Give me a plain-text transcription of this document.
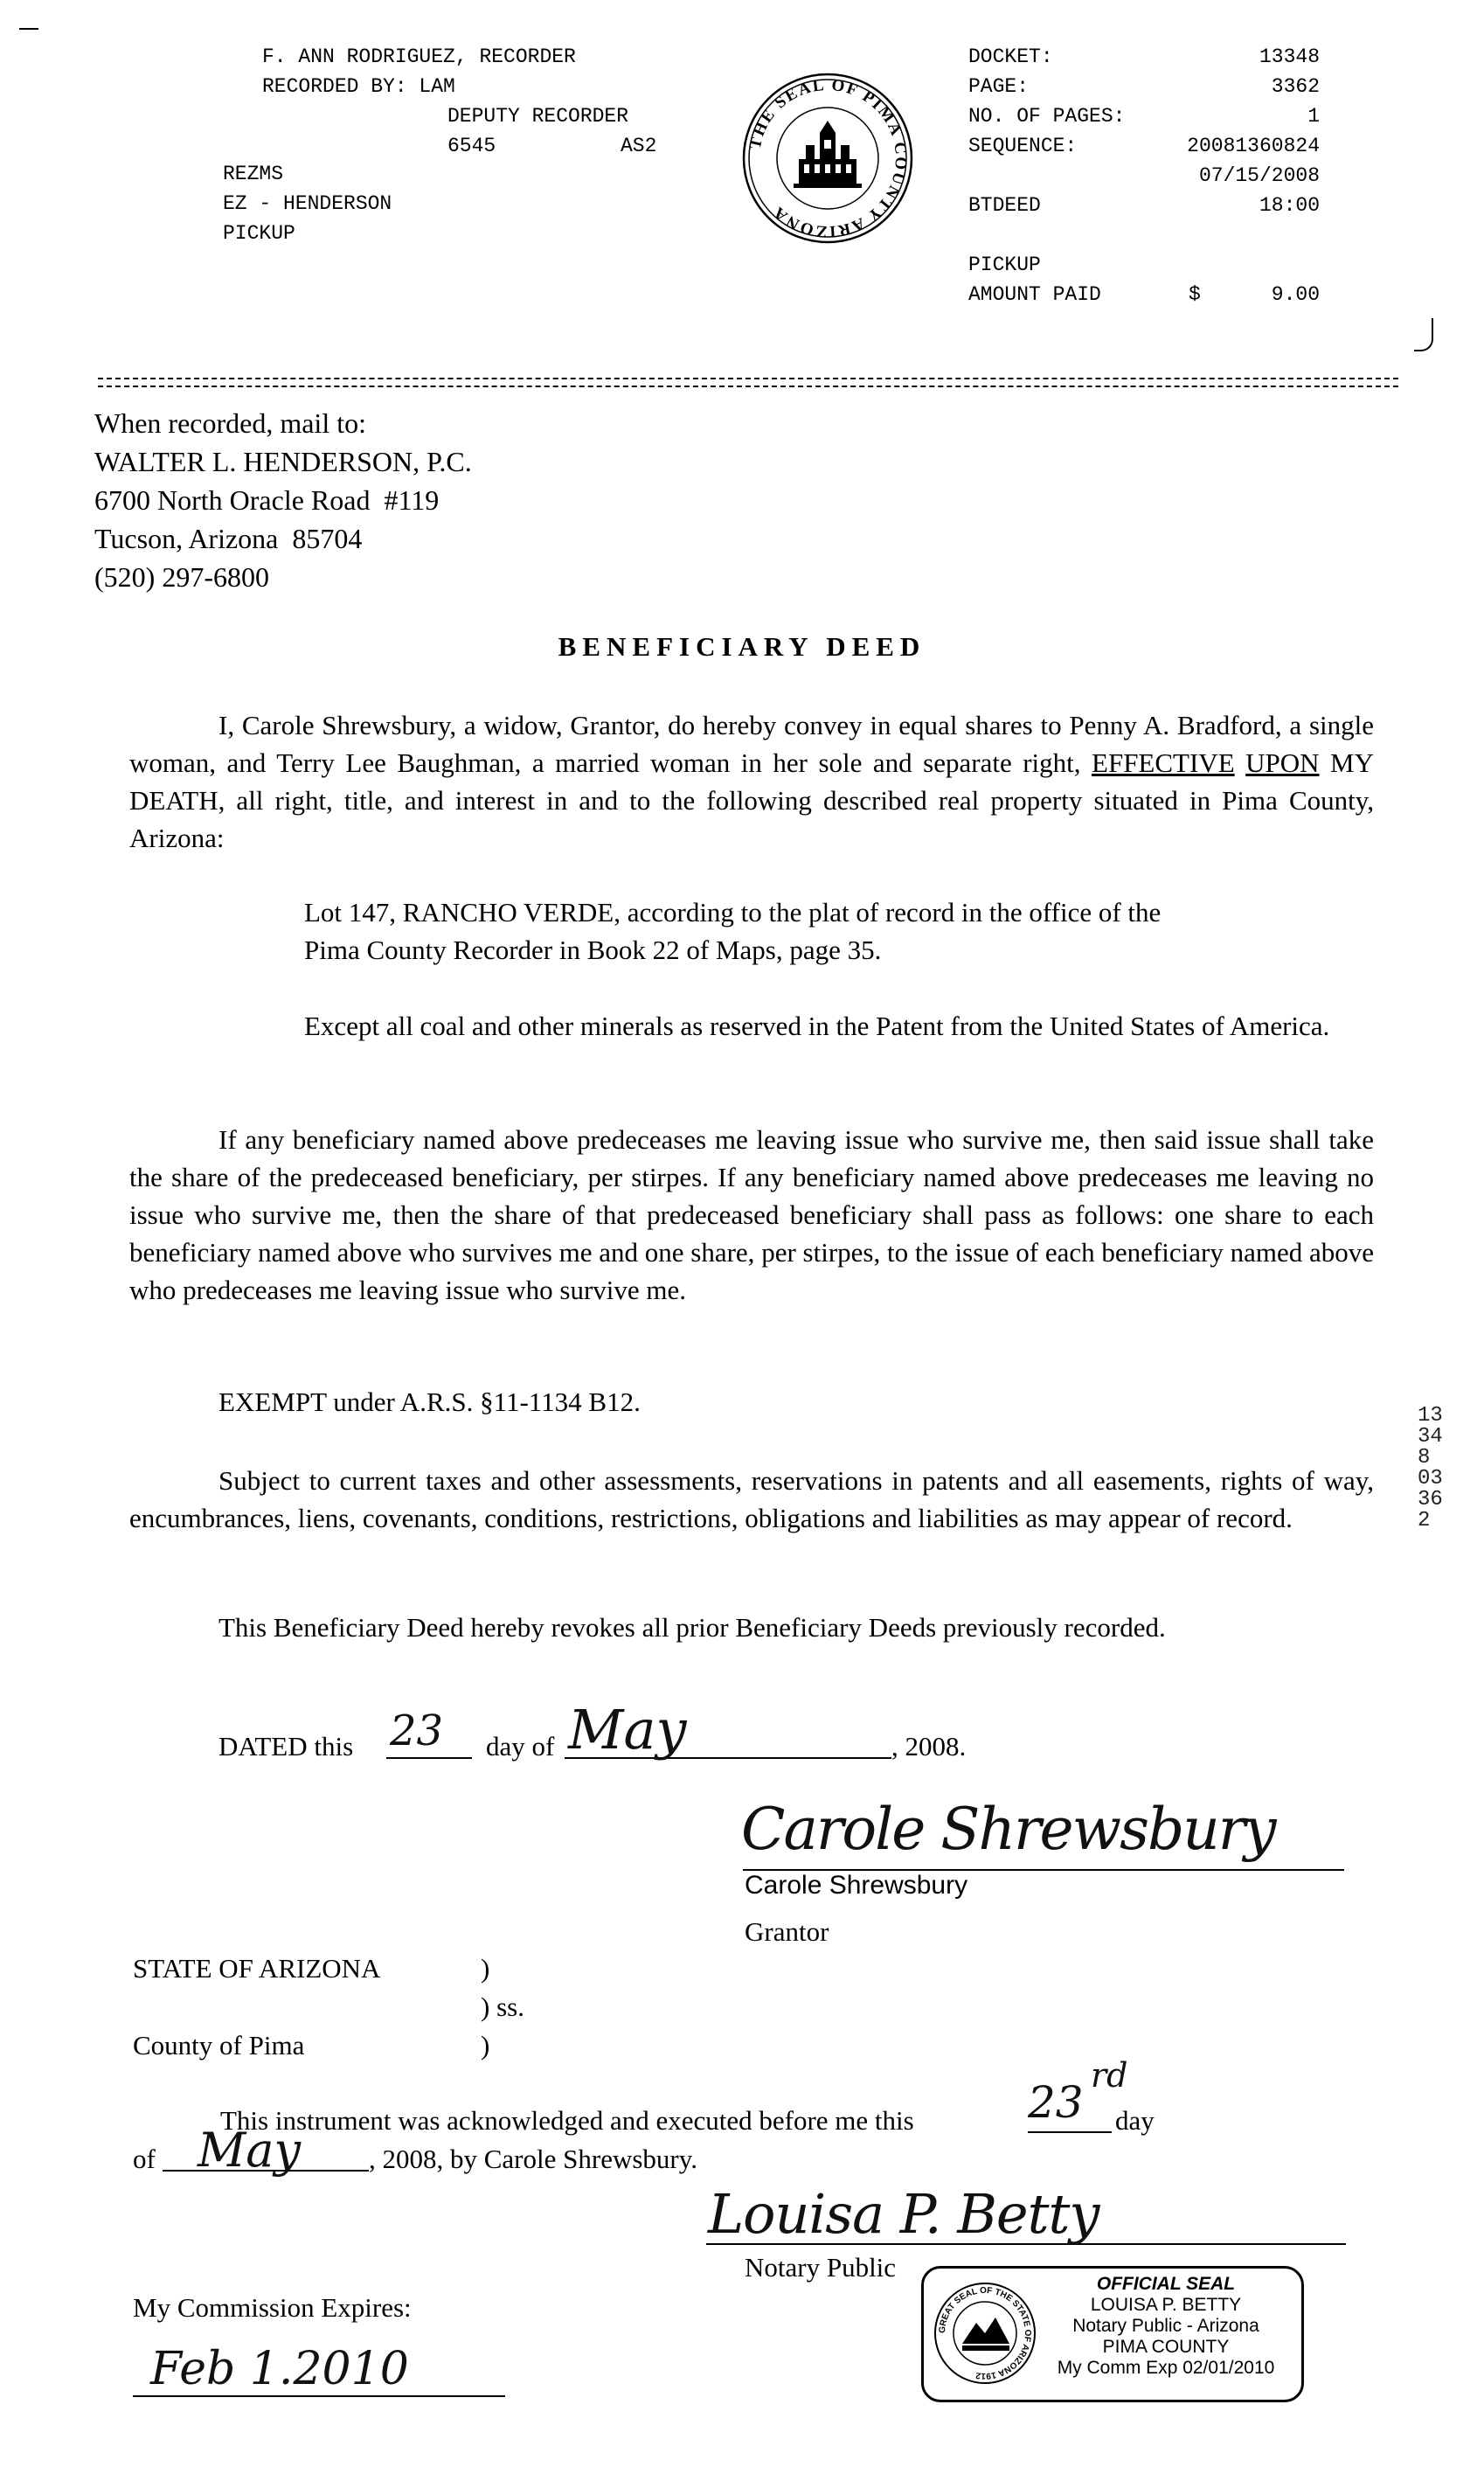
F. ANN RODRIGUEZ, RECORDER
RECORDED BY: LAM
DEPUTY RECORDER
6545	AS2
REZMS
EZ - HENDERSON
PICKUP
THE SEAL OF PIMA COUNTY ARIZONA
DOCKET:	13348
PAGE:	3362
NO. OF PAGES:	1
SEQUENCE:	20081360824
07/15/2008
BTDEED	18:00
PICKUP
AMOUNT PAID	$	9.00
When recorded, mail to:
WALTER L. HENDERSON, P.C.
6700 North Oracle Road  #119
Tucson, Arizona  85704
(520) 297-6800
BENEFICIARY DEED
I, Carole Shrewsbury, a widow, Grantor, do hereby convey in equal shares to Penny A. Bradford, a single woman, and Terry Lee Baughman, a married woman in her sole and separate right, EFFECTIVE UPON MY DEATH, all right, title, and interest in and to the following described real property situated in Pima County, Arizona:
Lot 147, RANCHO VERDE, according to the plat of record in the office of the Pima County Recorder in Book 22 of Maps, page 35.
Except all coal and other minerals as reserved in the Patent from the United States of America.
If any beneficiary named above predeceases me leaving issue who survive me, then said issue shall take the share of the predeceased beneficiary, per stirpes. If any beneficiary named above predeceases me leaving no issue who survive me, then the share of that predeceased beneficiary shall pass as follows: one share to each beneficiary named above who survives me and one share, per stirpes, to the issue of each beneficiary named above who predeceases me leaving issue who survive me.
EXEMPT under A.R.S. §11-1134 B12.
Subject to current taxes and other assessments, reservations in patents and all easements, rights of way, encumbrances, liens, covenants, conditions, restrictions, obligations and liabilities as may appear of record.
This Beneficiary Deed hereby revokes all prior Beneficiary Deeds previously recorded.
13348 03362
DATED this 23 day of May	, 2008.
Carole Shrewsbury
Carole Shrewsbury
Grantor
STATE OF ARIZONA	)
) ss.
County of Pima	)
This instrument was acknowledged and executed before me this	23
rd
day
of May	, 2008, by Carole Shrewsbury.
Louisa P. Betty
Notary Public
My Commission Expires:
Feb 1.2010
GREAT SEAL OF THE STATE OF ARIZONA 1912
OFFICIAL SEAL
LOUISA P. BETTY
Notary Public - Arizona
PIMA COUNTY
My Comm Exp 02/01/2010
